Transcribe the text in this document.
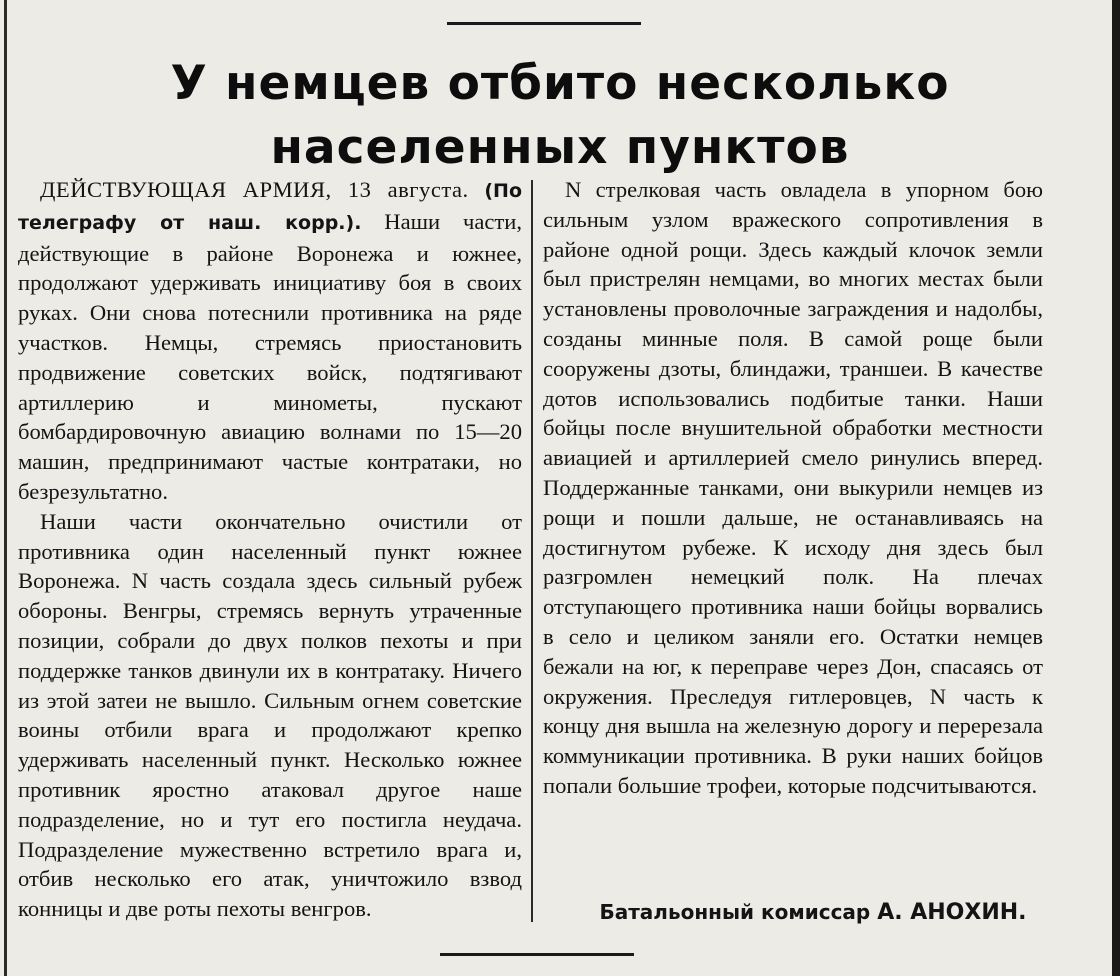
У немцев отбито несколько
населенных пунктов

ДЕЙСТВУЮЩАЯ АРМИЯ, 13 августа. (По телеграфу от наш. корр.). Наши части, действующие в районе Воронежа и южнее, продолжают удерживать инициативу боя в своих руках. Они снова потеснили противника на ряде участков. Немцы, стремясь приостановить продвижение советских войск, подтягивают артиллерию и минометы, пускают бомбардировочную авиацию волнами по 15—20 машин, предпринимают частые контратаки, но безрезультатно.

Наши части окончательно очистили от противника один населенный пункт южнее Воронежа. N часть создала здесь сильный рубеж обороны. Венгры, стремясь вернуть утраченные позиции, собрали до двух полков пехоты и при поддержке танков двинули их в контратаку. Ничего из этой затеи не вышло. Сильным огнем советские воины отбили врага и продолжают крепко удерживать населенный пункт. Несколько южнее противник яростно атаковал другое наше подразделение, но и тут его постигла неудача. Подразделение мужественно встретило врага и, отбив несколько его атак, уничтожило взвод конницы и две роты пехоты венгров.

N стрелковая часть овладела в упорном бою сильным узлом вражеского сопротивления в районе одной рощи. Здесь каждый клочок земли был пристрелян немцами, во многих местах были установлены проволочные заграждения и надолбы, созданы минные поля. В самой роще были сооружены дзоты, блиндажи, траншеи. В качестве дотов использовались подбитые танки. Наши бойцы после внушительной обработки местности авиацией и артиллерией смело ринулись вперед. Поддержанные танками, они выкурили немцев из рощи и пошли дальше, не останавливаясь на достигнутом рубеже. К исходу дня здесь был разгромлен немецкий полк. На плечах отступающего противника наши бойцы ворвались в село и целиком заняли его. Остатки немцев бежали на юг, к переправе через Дон, спасаясь от окружения. Преследуя гитлеровцев, N часть к концу дня вышла на железную дорогу и перерезала коммуникации противника. В руки наших бойцов попали большие трофеи, которые подсчитываются.

Батальонный комиссар А. АНОХИН.
